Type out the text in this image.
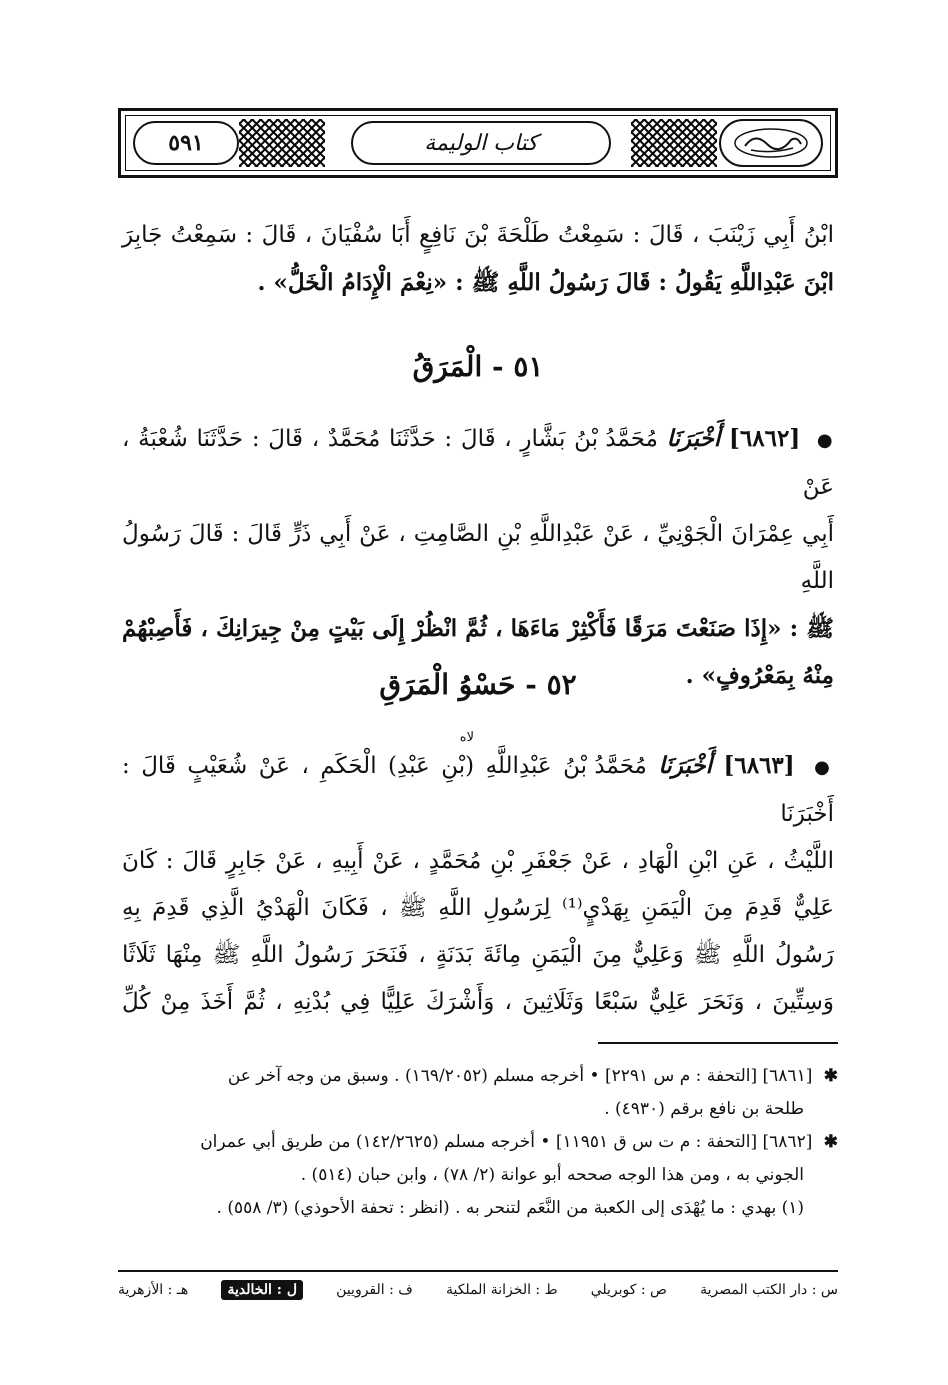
٥٩١	كتاب الوليمة

ابْنُ أَبِي زَيْنَبَ ، قَالَ : سَمِعْتُ طَلْحَةَ بْنَ نَافِعٍ أَبَا سُفْيَانَ ، قَالَ : سَمِعْتُ جَابِرَ
ابْنَ عَبْدِاللَّهِ يَقُولُ : قَالَ رَسُولُ اللَّهِ ﷺ : «نِعْمَ الْإِدَامُ الْخَلُّ» .

٥١ - الْمَرَقُ

● [٦٨٦٢] أَخْبَرَنَا مُحَمَّدُ بْنُ بَشَّارٍ ، قَالَ : حَدَّثَنَا مُحَمَّدٌ ، قَالَ : حَدَّثَنَا شُعْبَةُ ، عَنْ
أَبِي عِمْرَانَ الْجَوْنِيِّ ، عَنْ عَبْدِاللَّهِ بْنِ الصَّامِتِ ، عَنْ أَبِي ذَرٍّ قَالَ : قَالَ رَسُولُ اللَّهِ
ﷺ : «إِذَا صَنَعْتَ مَرَقًا فَأَكْثِرْ مَاءَهَا ، ثُمَّ انْظُرْ إِلَى بَيْتٍ مِنْ جِيرَانِكَ ، فَأَصِبْهُمْ
مِنْهُ بِمَعْرُوفٍ» .

٥٢ - حَسْوُ الْمَرَقِ
لاه

● [٦٨٦٣] أَخْبَرَنَا مُحَمَّدُ بْنُ عَبْدِاللَّهِ (بْنِ عَبْدِ) الْحَكَمِ ، عَنْ شُعَيْبٍ قَالَ : أَخْبَرَنَا
اللَّيْثُ ، عَنِ ابْنِ الْهَادِ ، عَنْ جَعْفَرِ بْنِ مُحَمَّدٍ ، عَنْ أَبِيهِ ، عَنْ جَابِرٍ قَالَ : كَانَ
عَلِيٌّ قَدِمَ مِنَ الْيَمَنِ بِهَدْيٍ⁽¹⁾ لِرَسُولِ اللَّهِ ﷺ ، فَكَانَ الْهَدْيُ الَّذِي قَدِمَ بِهِ
رَسُولُ اللَّهِ ﷺ وَعَلِيٌّ مِنَ الْيَمَنِ مِائَةَ بَدَنَةٍ ، فَنَحَرَ رَسُولُ اللَّهِ ﷺ مِنْهَا ثَلَاثًا
وَسِتِّينَ ، وَنَحَرَ عَلِيٌّ سَبْعًا وَثَلَاثِينَ ، وَأَشْرَكَ عَلِيًّا فِي بُدْنِهِ ، ثُمَّ أَخَذَ مِنْ كُلِّ

✱ [٦٨٦١] [التحفة : م س ٢٢٩١] • أخرجه مسلم (١٦٩/٢٠٥٢) . وسبق من وجه آخر عن
طلحة بن نافع برقم (٤٩٣٠) .
✱ [٦٨٦٢] [التحفة : م ت س ق ١١٩٥١] • أخرجه مسلم (١٤٢/٢٦٢٥) من طريق أبي عمران
الجوني به ، ومن هذا الوجه صححه أبو عوانة (٢/ ٧٨) ، وابن حبان (٥١٤) .
(١) بهدي : ما يُهْدَى إلى الكعبة من النَّعَم لتنحر به . (انظر : تحفة الأحوذي) (٣/ ٥٥٨) .
س : دار الكتب المصرية
ص : كوبريلي
ط : الخزانة الملكية
ف : القرويين
ل : الخالدية
هـ : الأزهرية
